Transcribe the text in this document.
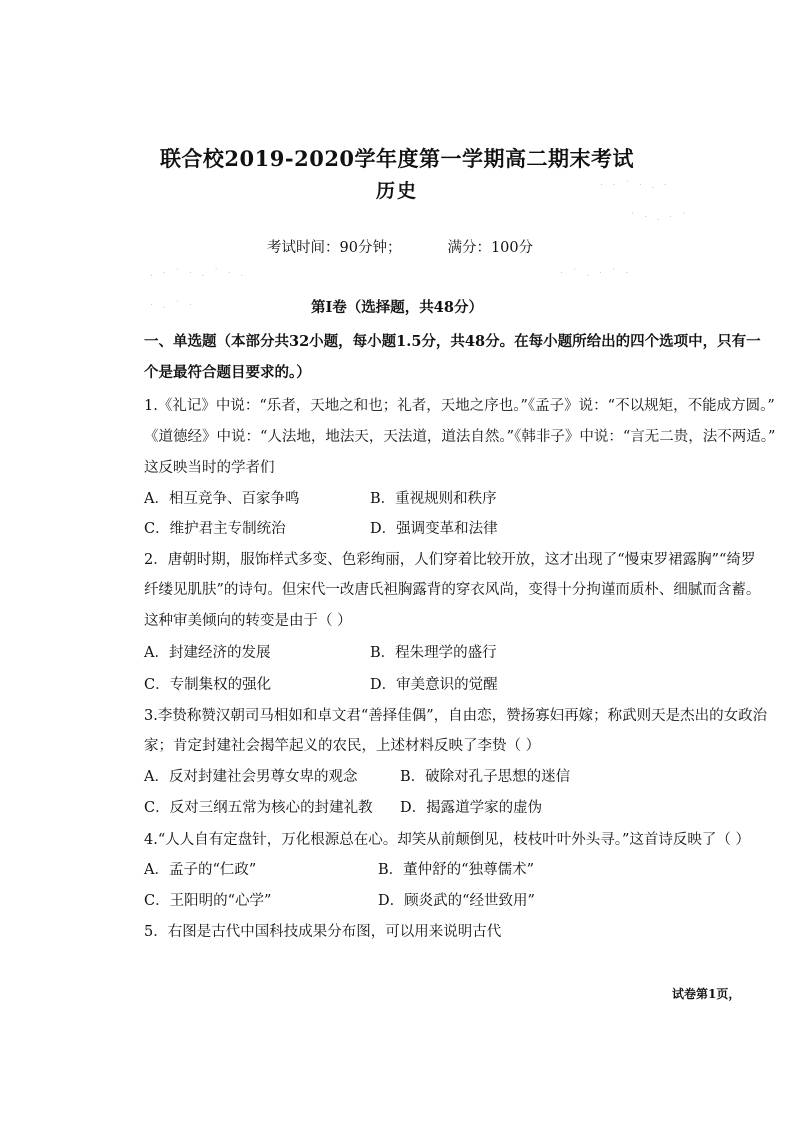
· · ˙ · . ·
˙ · . · ˙
. · ˙ · . ˙ · .	· ˙ . · ˙ ·
· . ˙ ·
联合校2019-2020学年度第一学期高二期末考试
历史
考试时间：90分钟；	满分：100分
第Ⅰ卷（选择题，共48分）
一、单选题（本部分共32小题，每小题1.5分，共48分。在每小题所给出的四个选项中，只有一
个是最符合题目要求的。）
1.《礼记》中说：“乐者，天地之和也；礼者，天地之序也。”《孟子》说：“不以规矩，不能成方圆。”
《道德经》中说：“人法地，地法天，天法道，道法自然。”《韩非子》中说：“言无二贵，法不两适。”
这反映当时的学者们
A．相互竞争、百家争鸣	B．重视规则和秩序
C．维护君主专制统治	D．强调变革和法律
2．唐朝时期，服饰样式多变、色彩绚丽，人们穿着比较开放，这才出现了“慢束罗裙露胸”“绮罗
纤缕见肌肤”的诗句。但宋代一改唐氏袒胸露背的穿衣风尚，变得十分拘谨而质朴、细腻而含蓄。
这种审美倾向的转变是由于（ ）
A．封建经济的发展	B．程朱理学的盛行
C．专制集权的强化	D．审美意识的觉醒
3.李贽称赞汉朝司马相如和卓文君“善择佳偶”，自由恋，赞扬寡妇再嫁；称武则天是杰出的女政治
家；肯定封建社会揭竿起义的农民，上述材料反映了李贽（ ）
A．反对封建社会男尊女卑的观念	B．破除对孔子思想的迷信
C．反对三纲五常为核心的封建礼教 D．揭露道学家的虚伪
4.“人人自有定盘针，万化根源总在心。却笑从前颠倒见，枝枝叶叶外头寻。”这首诗反映了（ ）
A．孟子的“仁政”	B．董仲舒的“独尊儒术”
C．王阳明的“心学”	D．顾炎武的“经世致用”
5．右图是古代中国科技成果分布图，可以用来说明古代
试卷第1页，
